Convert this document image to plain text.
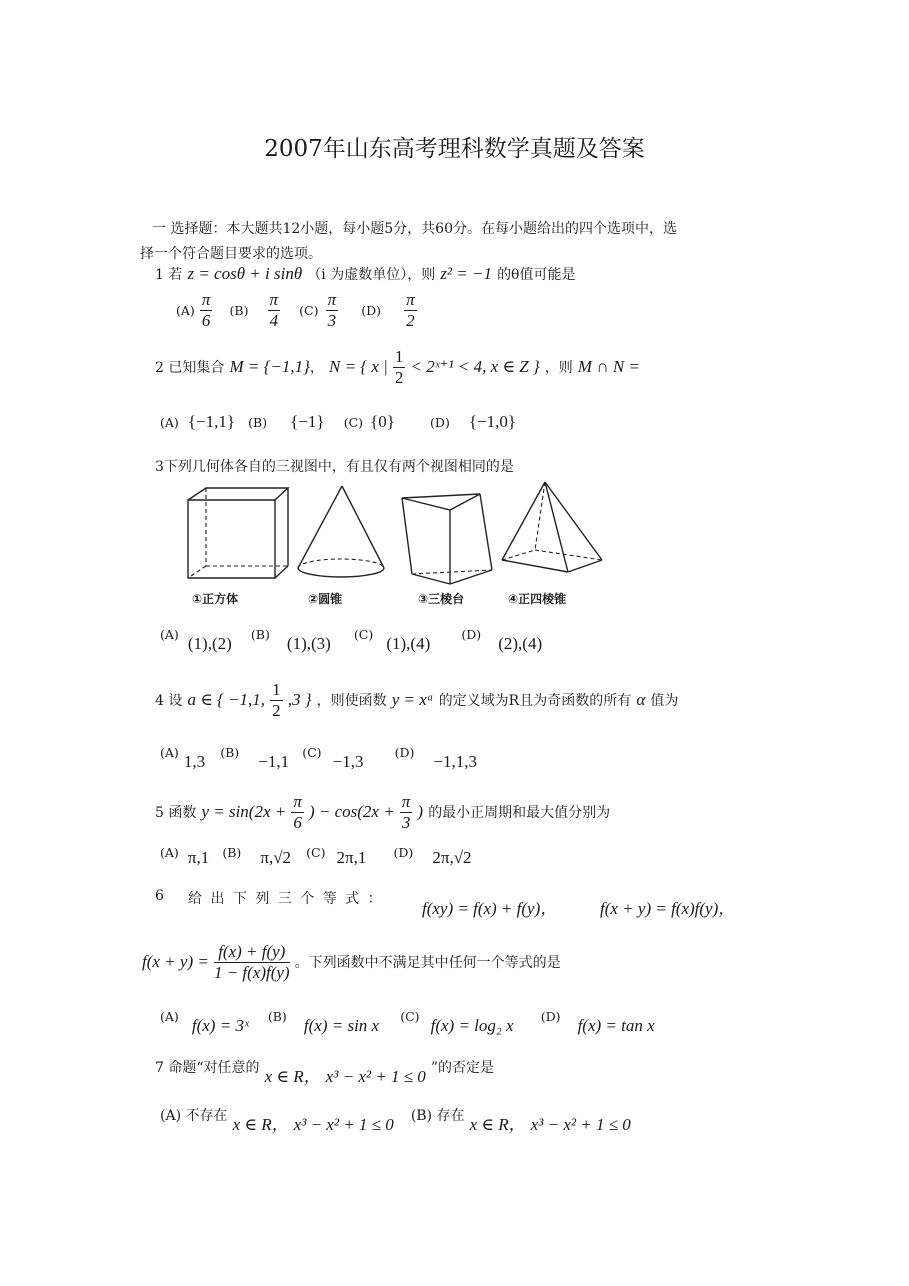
2007年山东高考理科数学真题及答案
一 选择题：本大题共12小题，每小题5分，共60分。在每小题给出的四个选项中，选
择一个符合题目要求的选项。
1 若 z = cosθ + i sinθ （i 为虚数单位），则 z² = −1 的θ值可能是
$(A) \frac{\pi}{6} (B) \frac{\pi}{4} (C) \frac{\pi}{3} (D) \frac{\pi}{2}$
2 已知集合 M = {−1,1}， N = { x | $\frac{1}{2}$ < 2ˣ⁺¹ < 4, x ∈ Z } ，则 M ∩ N =
(A) {−1,1} (B) {−1} (C) {0}	(D) {−1,0}
3下列几何体各自的三视图中，有且仅有两个视图相同的是
①正方体	②圆锥	③三棱台	④正四棱锥
(A) (1),(2) (B) (1),(3) (C) (1),(4) (D) (2),(4)
4 设 a ∈ { −1,1, $\frac{1}{2} ,3$ } ，则使函数 y = xᵃ 的定义域为R且为奇函数的所有 α 值为
(A) 1,3 (B) −1,1 (C) −1,3 (D) −1,1,3
5 函数 $y = \sin(2x + \frac{\pi}{6}$ ) − $\cos(2x + \frac{\pi}{3}$ ) 的最小正周期和最大值分别为
(A) π,1 (B) π,√2 (C) 2π,1 (D) 2π,√2
6 给 出 下 列 三 个 等 式 ： f(xy) = f(x) + f(y)，	f(x + y) = f(x)f(y)，
$f(x + y) = \frac{f(x) + f(y)}{1 - f(x)f(y)}$ 。下列函数中不满足其中任何一个等式的是
(A) f(x) = 3ˣ (B) f(x) = sin x (C) f(x) = log₂ x (D) f(x) = tan x
7 命题“对任意的 x ∈ R， x³ − x² + 1 ≤ 0 ”的否定是
(A) 不存在 x ∈ R， x³ − x² + 1 ≤ 0 (B) 存在 x ∈ R， x³ − x² + 1 ≤ 0
